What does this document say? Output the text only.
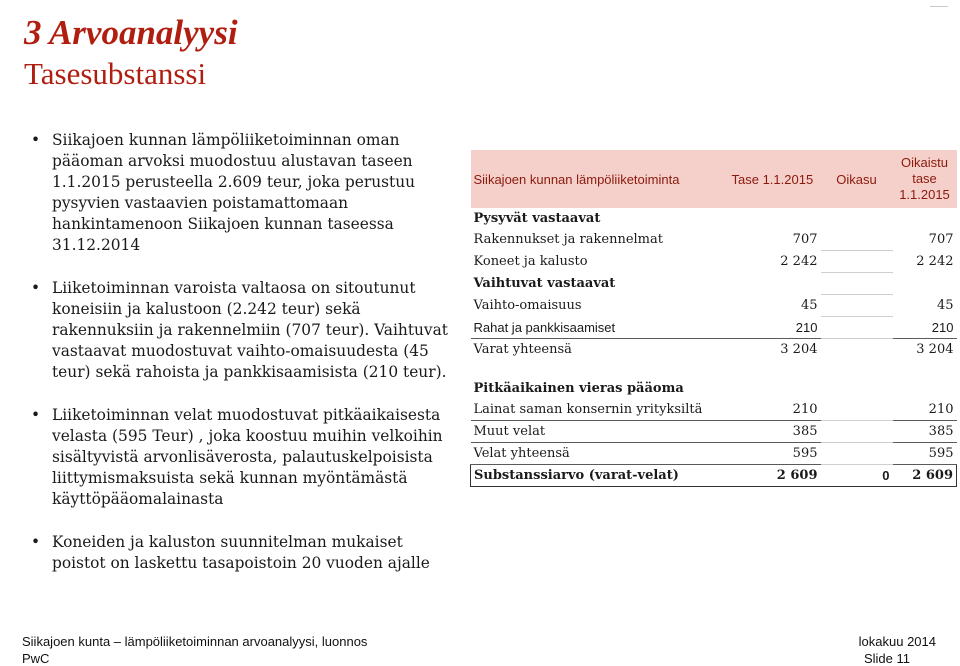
3 Arvoanalyysi
Tasesubstanssi
• Siikajoen kunnan lämpöliiketoiminnan oman pääoman arvoksi muodostuu alustavan taseen 1.1.2015 perusteella 2.609 teur, joka perustuu pysyvien vastaavien poistamattomaan hankintamenoon Siikajoen kunnan taseessa 31.12.2014
• Liiketoiminnan varoista valtaosa on sitoutunut koneisiin ja kalustoon (2.242 teur) sekä rakennuksiin ja rakennelmiin (707 teur). Vaihtuvat vastaavat muodostuvat vaihto-omaisuudesta (45 teur) sekä rahoista ja pankkisaamisista (210 teur).
• Liiketoiminnan velat muodostuvat pitkäaikaisesta velasta (595 Teur) , joka koostuu muihin velkoihin sisältyvistä arvonlisäverosta, palautuskelpoisista liittymismaksuista sekä kunnan myöntämästä käyttöpääomalainasta
• Koneiden ja kaluston suunnitelman mukaiset poistot on laskettu tasapoistoin 20 vuoden ajalle
Siikajoen kunnan lämpöliiketoiminta	Tase 1.1.2015	Oikasu	Oikaistu
tase
1.1.2015

Pysyvät vastaavat			
Rakennukset ja rakennelmat	707		707
Koneet ja kalusto	2 242		2 242
Vaihtuvat vastaavat			
Vaihto-omaisuus	45		45
Rahat ja pankkisaamiset	210		210
Varat yhteensä	3 204		3 204

Pitkäaikainen vieras pääoma			
Lainat saman konsernin yrityksiltä	210		210
Muut velat	385		385
Velat yhteensä	595		595
Substanssiarvo (varat-velat)	2 609	0	2 609
Siikajoen kunta – lämpöliiketoiminnan arvoanalyysi, luonnos
PwC
lokakuu 2014
Slide 11
